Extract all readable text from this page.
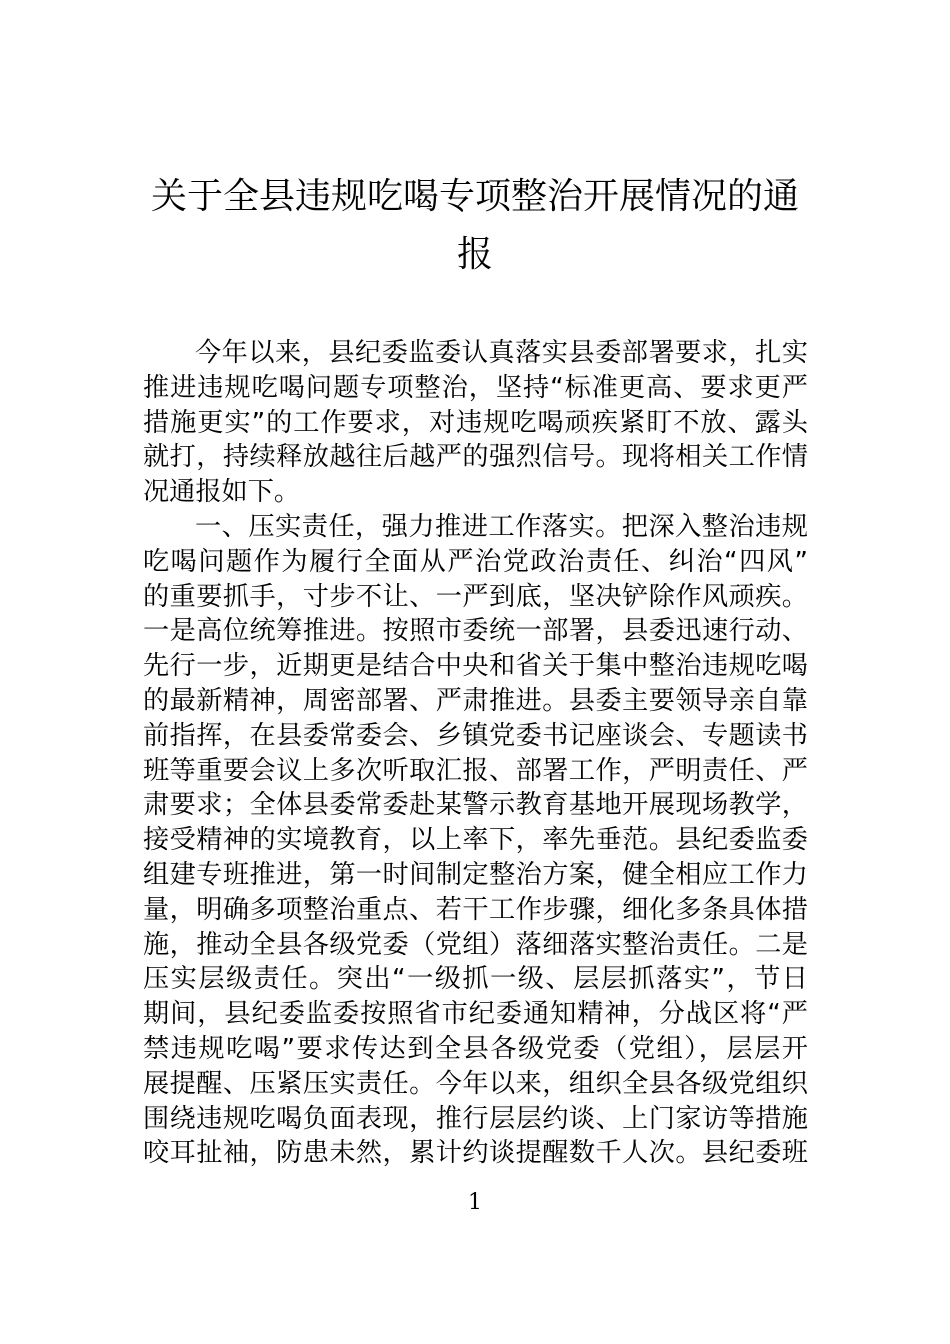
关于全县违规吃喝专项整治开展情况的通
报
今年以来，县纪委监委认真落实县委部署要求，扎实
推进违规吃喝问题专项整治，坚持“标准更高、要求更严
措施更实”的工作要求，对违规吃喝顽疾紧盯不放、露头
就打，持续释放越往后越严的强烈信号。现将相关工作情
况通报如下。
一、压实责任，强力推进工作落实。把深入整治违规
吃喝问题作为履行全面从严治党政治责任、纠治“四风”
的重要抓手，寸步不让、一严到底，坚决铲除作风顽疾。
一是高位统筹推进。按照市委统一部署，县委迅速行动、
先行一步，近期更是结合中央和省关于集中整治违规吃喝
的最新精神，周密部署、严肃推进。县委主要领导亲自靠
前指挥，在县委常委会、乡镇党委书记座谈会、专题读书
班等重要会议上多次听取汇报、部署工作，严明责任、严
肃要求；全体县委常委赴某警示教育基地开展现场教学，
接受精神的实境教育，以上率下，率先垂范。县纪委监委
组建专班推进，第一时间制定整治方案，健全相应工作力
量，明确多项整治重点、若干工作步骤，细化多条具体措
施，推动全县各级党委（党组）落细落实整治责任。二是
压实层级责任。突出“一级抓一级、层层抓落实”，节日
期间，县纪委监委按照省市纪委通知精神，分战区将“严
禁违规吃喝”要求传达到全县各级党委（党组），层层开
展提醒、压紧压实责任。今年以来，组织全县各级党组织
围绕违规吃喝负面表现，推行层层约谈、上门家访等措施
咬耳扯袖，防患未然，累计约谈提醒数千人次。县纪委班
1
